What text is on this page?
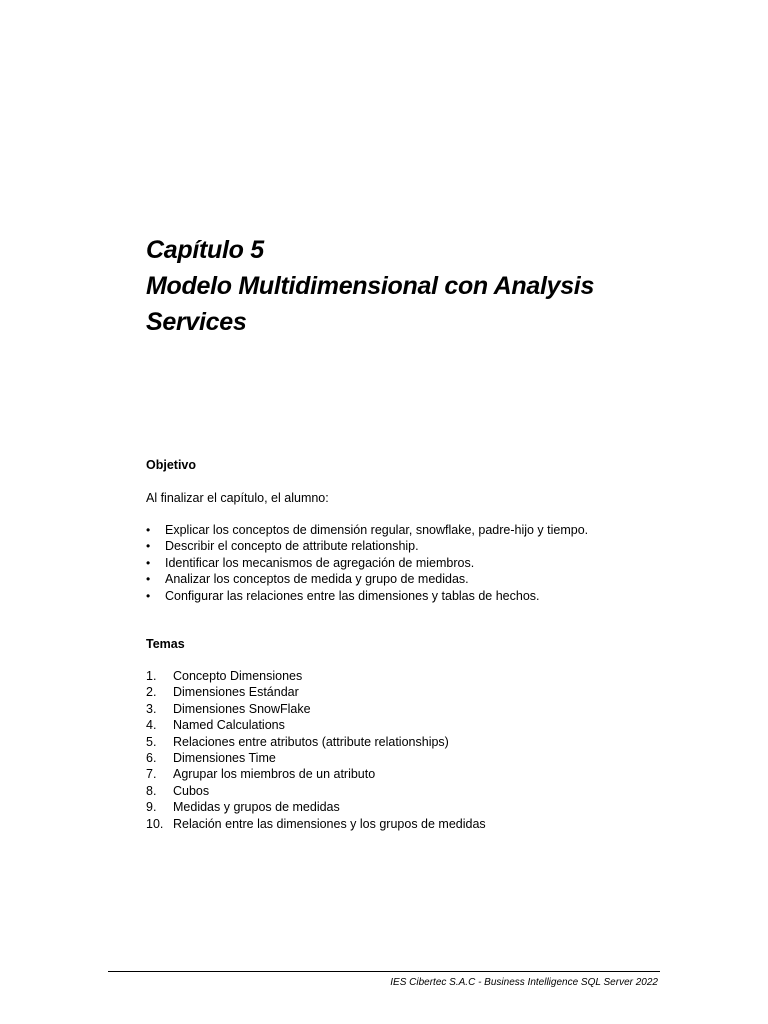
Capítulo 5
Modelo Multidimensional con Analysis
Services

Objetivo

Al finalizar el capítulo, el alumno:

• Explicar los conceptos de dimensión regular, snowflake, padre-hijo y tiempo.
• Describir el concepto de attribute relationship.
• Identificar los mecanismos de agregación de miembros.
• Analizar los conceptos de medida y grupo de medidas.
• Configurar las relaciones entre las dimensiones y tablas de hechos.

Temas

1. Concepto Dimensiones
2. Dimensiones Estándar
3. Dimensiones SnowFlake
4. Named Calculations
5. Relaciones entre atributos (attribute relationships)
6. Dimensiones Time
7. Agrupar los miembros de un atributo
8. Cubos
9. Medidas y grupos de medidas
10. Relación entre las dimensiones y los grupos de medidas
IES Cibertec S.A.C - Business Intelligence SQL Server 2022
